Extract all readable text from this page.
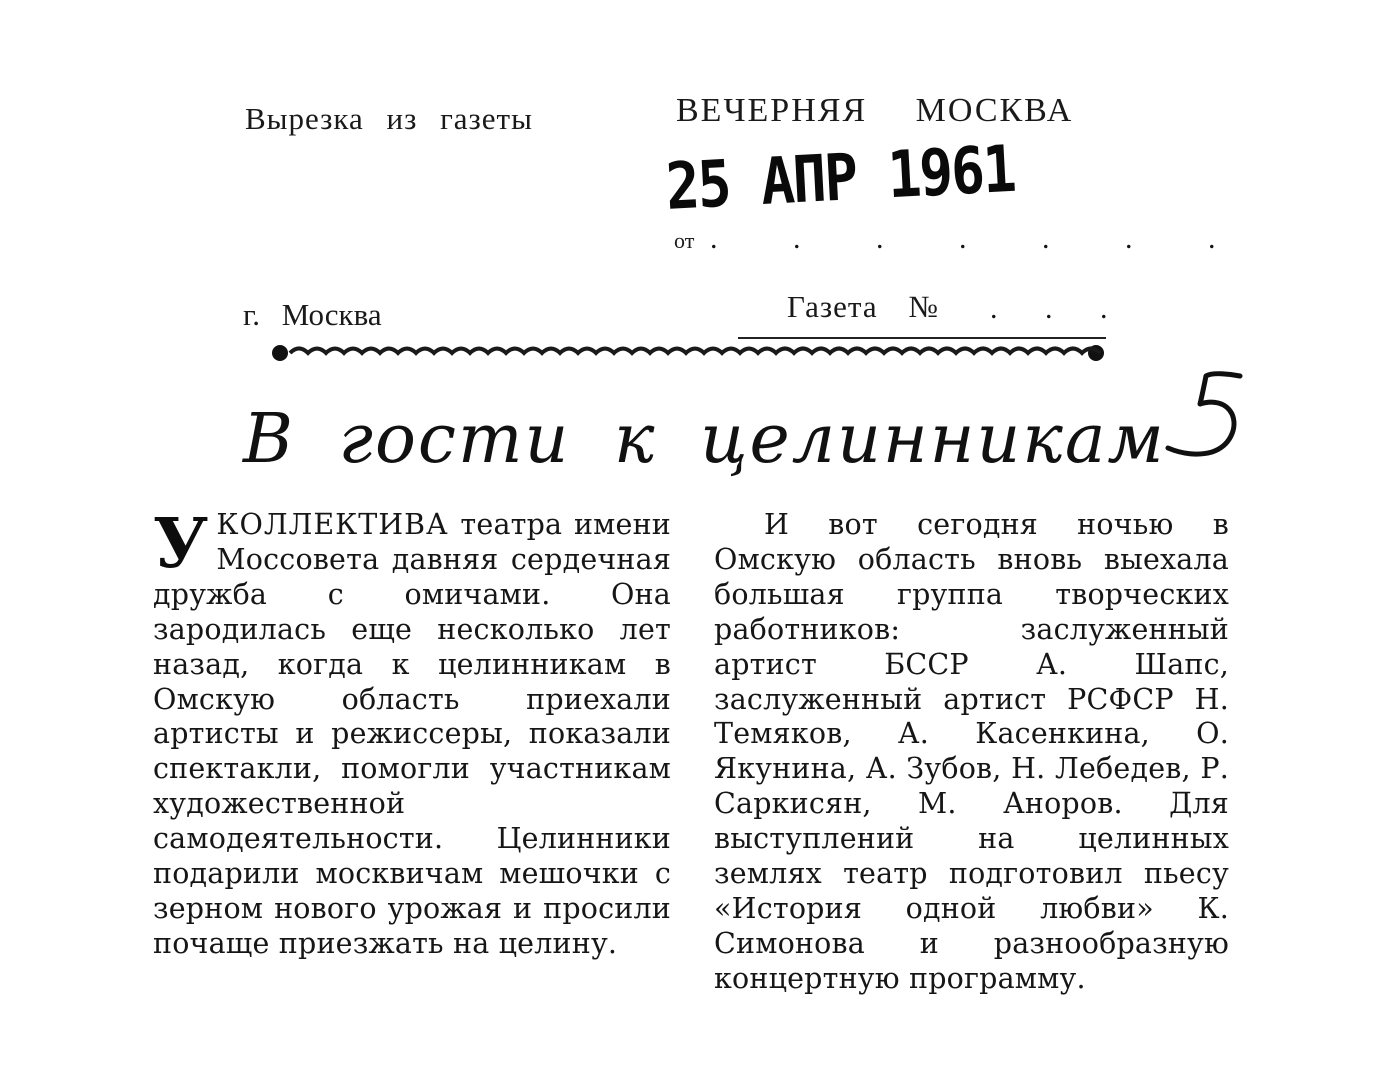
Вырезка из газеты	ВЕЧЕРНЯЯ МОСКВА
25 АПР 1961
от . . . . . . .
г. Москва	Газета № . . .
В гости к целинникам
У КОЛЛЕКТИВА театра имени Моссовета давняя сердечная дружба с омичами. Она зародилась еще несколько лет назад, когда к целинникам в Омскую область приехали артисты и режиссеры, показали спектакли, помогли участникам художественной самодеятельности. Целинники подарили москвичам мешочки с зерном нового урожая и просили почаще приезжать на целину.

И вот сегодня ночью в Омскую область вновь выехала большая группа творческих работников: заслуженный артист БССР А. Шапс, заслуженный артист РСФСР Н. Темяков, А. Касенкина, О. Якунина, А. Зубов, Н. Лебедев, Р. Саркисян, М. Аноров. Для выступлений на целинных землях театр подготовил пьесу «История одной любви» К. Симонова и разнообразную концертную программу.
